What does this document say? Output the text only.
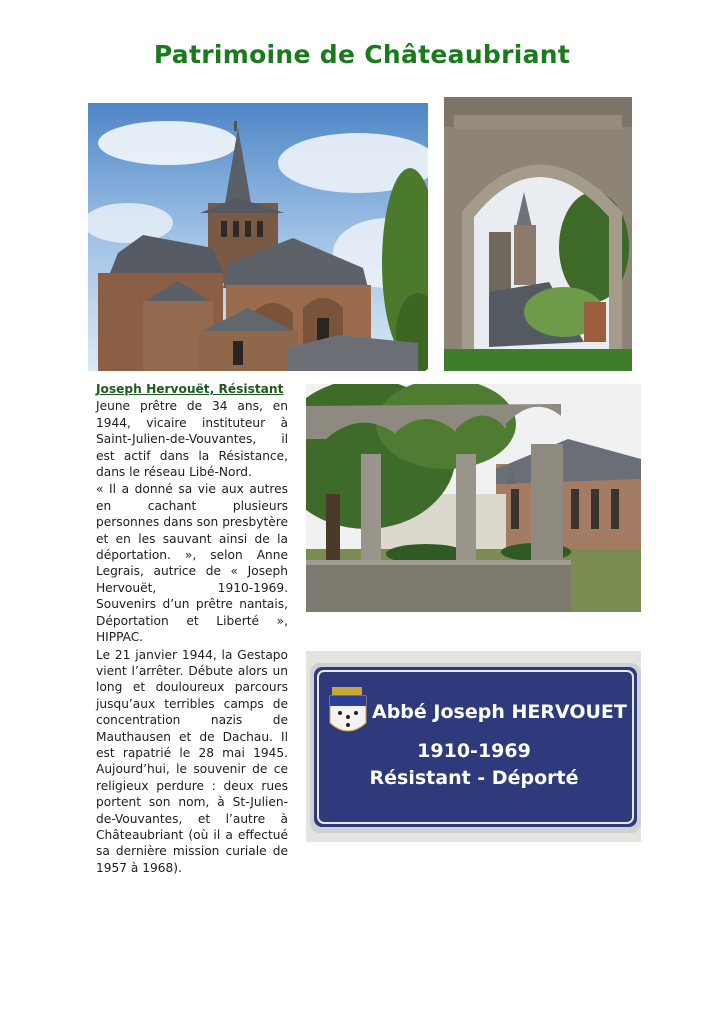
Patrimoine de Châteaubriant
Joseph Hervouët, Résistant

Jeune prêtre de 34 ans, en 1944, vicaire instituteur à Saint-Julien-de-Vouvantes, il est actif dans la Résistance, dans le réseau Libé-Nord.

« Il a donné sa vie aux autres en cachant plusieurs personnes dans son presbytère et en les sauvant ainsi de la déportation. », selon Anne Legrais, autrice de « Joseph Hervouët, 1910-1969. Souvenirs d’un prêtre nantais, Déportation et Liberté », HIPPAC.

Le 21 janvier 1944, la Gestapo vient l’arrêter. Débute alors un long et douloureux parcours jusqu’aux terribles camps de concentration nazis de Mauthausen et de Dachau. Il est rapatrié le 28 mai 1945. Aujourd’hui, le souvenir de ce religieux perdure : deux rues portent son nom, à St-Julien-de-Vouvantes, et l’autre à Châteaubriant (où il a effectué sa dernière mission curiale de 1957 à 1968).

Abbé Joseph HERVOUET
1910-1969
Résistant - Déporté
